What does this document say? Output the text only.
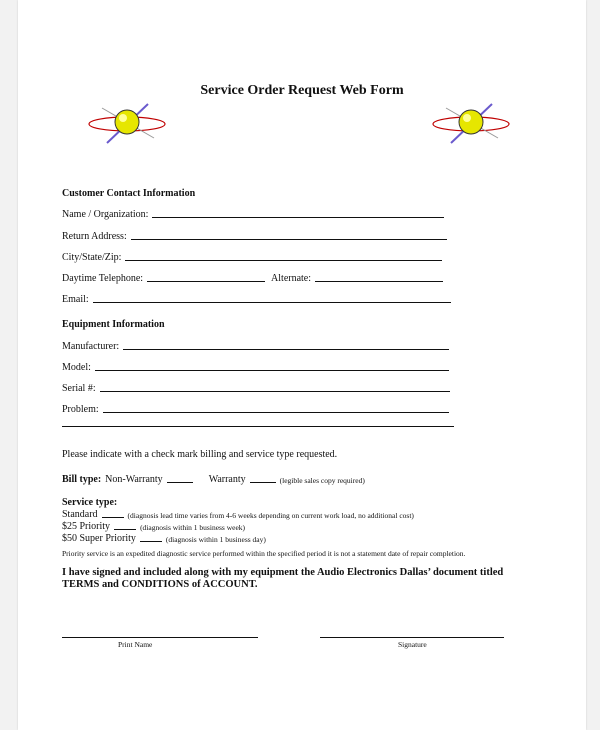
Service Order Request Web Form
Customer Contact Information
Name / Organization:
Return Address:
City/State/Zip:
Daytime Telephone:	Alternate:
Email:
Equipment Information
Manufacturer:
Model:
Serial #:
Problem:
Please indicate with a check mark billing and service type requested.
Bill type: Non-Warranty	Warranty	(legible sales copy required)
Service type:
Standard	(diagnosis lead time varies from 4-6 weeks depending on current work load, no additional cost)
$25 Priority	(diagnosis within 1 business week)
$50 Super Priority	(diagnosis within 1 business day)
Priority service is an expedited diagnostic service performed within the specified period it is not a statement date of repair completion.
I have signed and included along with my equipment the Audio Electronics Dallas’ document titled
TERMS and CONDITIONS of ACCOUNT.
Print Name	Signature
